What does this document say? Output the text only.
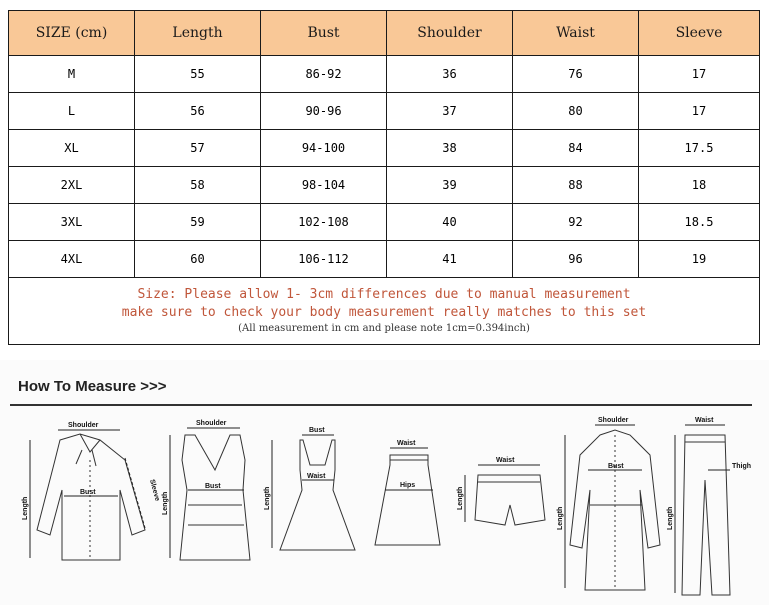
SIZE (cm)	Length	Bust	Shoulder	Waist	Sleeve
M	55	86-92	36	76	17
L	56	90-96	37	80	17
XL	57	94-100	38	84	17.5
2XL	58	98-104	39	88	18
3XL	59	102-108	40	92	18.5
4XL	60	106-112	41	96	19

Size: Please allow 1- 3cm differences due to manual measurement
make sure to check your body measurement really matches to this set
(All measurement in cm and please note 1cm=0.394inch)					
How To Measure >>>
Shoulder
Bust
Length
Sleeve
Shoulder
Bust
Length
Bust
Waist
Length
Waist
Hips
Waist
Length
Shoulder
Bust
Length
Waist
Thigh
Length
